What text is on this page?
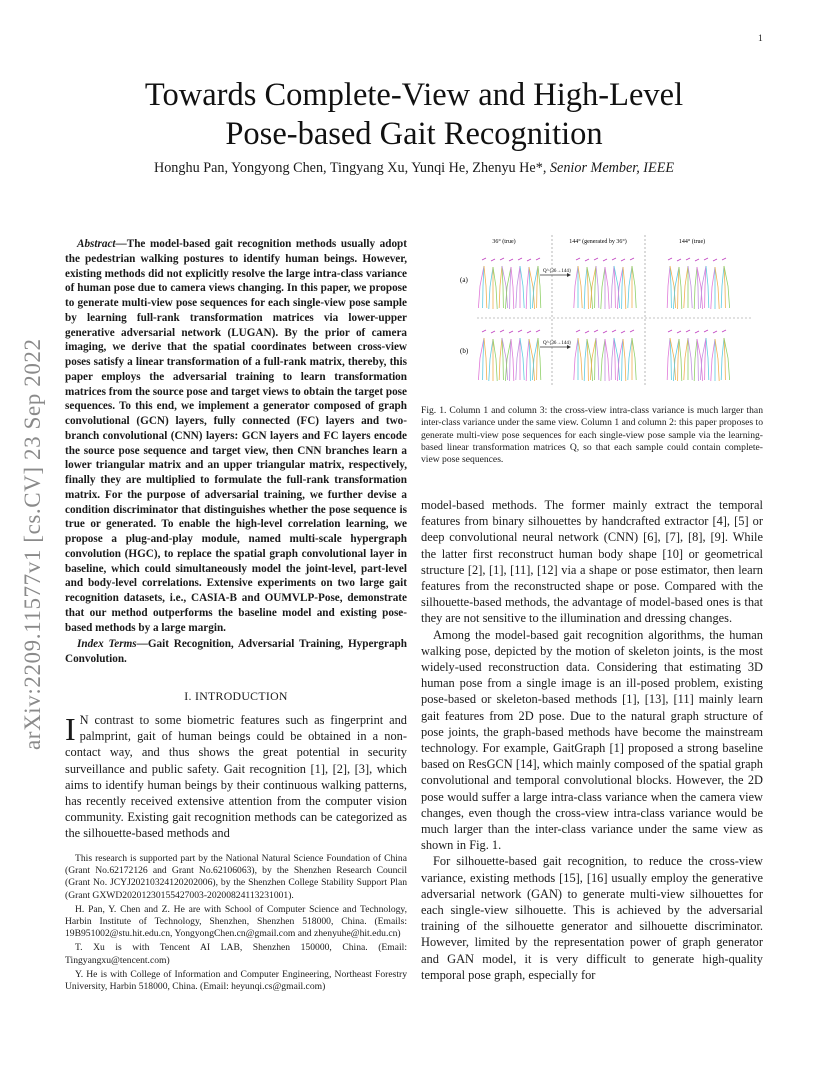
1
arXiv:2209.11577v1 [cs.CV] 23 Sep 2022
Towards Complete-View and High-Level
Pose-based Gait Recognition
Honghu Pan, Yongyong Chen, Tingyang Xu, Yunqi He, Zhenyu He*, Senior Member, IEEE
Abstract—The model-based gait recognition methods usually adopt the pedestrian walking postures to identify human beings. However, existing methods did not explicitly resolve the large intra-class variance of human pose due to camera views changing. In this paper, we propose to generate multi-view pose sequences for each single-view pose sample by learning full-rank transformation matrices via lower-upper generative adversarial network (LUGAN). By the prior of camera imaging, we derive that the spatial coordinates between cross-view poses satisfy a linear transformation of a full-rank matrix, thereby, this paper employs the adversarial training to learn transformation matrices from the source pose and target views to obtain the target pose sequences. To this end, we implement a generator composed of graph convolutional (GCN) layers, fully connected (FC) layers and two-branch convolutional (CNN) layers: GCN layers and FC layers encode the source pose sequence and target view, then CNN branches learn a lower triangular matrix and an upper triangular matrix, respectively, finally they are multiplied to formulate the full-rank transformation matrix. For the purpose of adversarial training, we further devise a condition discriminator that distinguishes whether the pose sequence is true or generated. To enable the high-level correlation learning, we propose a plug-and-play module, named multi-scale hypergraph convolution (HGC), to replace the spatial graph convolutional layer in baseline, which could simultaneously model the joint-level, part-level and body-level correlations. Extensive experiments on two large gait recognition datasets, i.e., CASIA-B and OUMVLP-Pose, demonstrate that our method outperforms the baseline model and existing pose-based methods by a large margin.
Index Terms—Gait Recognition, Adversarial Training, Hypergraph Convolution.
I. INTRODUCTION
I N contrast to some biometric features such as fingerprint and palmprint, gait of human beings could be obtained in a non-contact way, and thus shows the great potential in security surveillance and public safety. Gait recognition [1], [2], [3], which aims to identify human beings by their continuous walking patterns, has recently received extensive attention from the computer vision community. Existing gait recognition methods can be categorized as the silhouette-based methods and

This research is supported part by the National Natural Science Foundation of China (Grant No.62172126 and Grant No.62106063), by the Shenzhen Research Council (Grant No. JCYJ20210324120202006), by the Shenzhen College Stability Support Plan (Grant GXWD20201230155427003-20200824113231001).

H. Pan, Y. Chen and Z. He are with School of Computer Science and Technology, Harbin Institute of Technology, Shenzhen, Shenzhen 518000, China. (Emails: 19B951002@stu.hit.edu.cn, YongyongChen.cn@gmail.com and zhenyuhe@hit.edu.cn)

T. Xu is with Tencent AI LAB, Shenzhen 150000, China. (Email: Tingyangxu@tencent.com)

Y. He is with College of Information and Computer Engineering, Northeast Forestry University, Harbin 518000, China. (Email: heyunqi.cs@gmail.com)

36° (true)	144° (generated by 36°)	144° (true)
(a)
(b)
Q^{36→144}
Q^{36→144}
Fig. 1. Column 1 and column 3: the cross-view intra-class variance is much larger than inter-class variance under the same view. Column 1 and column 2: this paper proposes to generate multi-view pose sequences for each single-view pose sample via the learning-based linear transformation matrices Q, so that each sample could contain complete-view pose sequences.

model-based methods. The former mainly extract the temporal features from binary silhouettes by handcrafted extractor [4], [5] or deep convolutional neural network (CNN) [6], [7], [8], [9]. While the latter first reconstruct human body shape [10] or geometrical structure [2], [1], [11], [12] via a shape or pose estimator, then learn features from the reconstructed shape or pose. Compared with the silhouette-based methods, the advantage of model-based ones is that they are not sensitive to the illumination and dressing changes.

Among the model-based gait recognition algorithms, the human walking pose, depicted by the motion of skeleton joints, is the most widely-used reconstruction data. Considering that estimating 3D human pose from a single image is an ill-posed problem, existing pose-based or skeleton-based methods [1], [13], [11] mainly learn gait features from 2D pose. Due to the natural graph structure of pose joints, the graph-based methods have become the mainstream technology. For example, GaitGraph [1] proposed a strong baseline based on ResGCN [14], which mainly composed of the spatial graph convolutional and temporal convolutional blocks. However, the 2D pose would suffer a large intra-class variance when the camera view changes, even though the cross-view intra-class variance would be much larger than the inter-class variance under the same view as shown in Fig. 1.

For silhouette-based gait recognition, to reduce the cross-view variance, existing methods [15], [16] usually employ the generative adversarial network (GAN) to generate multi-view silhouettes for each single-view silhouette. This is achieved by the adversarial training of the silhouette generator and silhouette discriminator. However, limited by the representation power of graph generator and GAN model, it is very difficult to generate high-quality temporal pose graph, especially for
